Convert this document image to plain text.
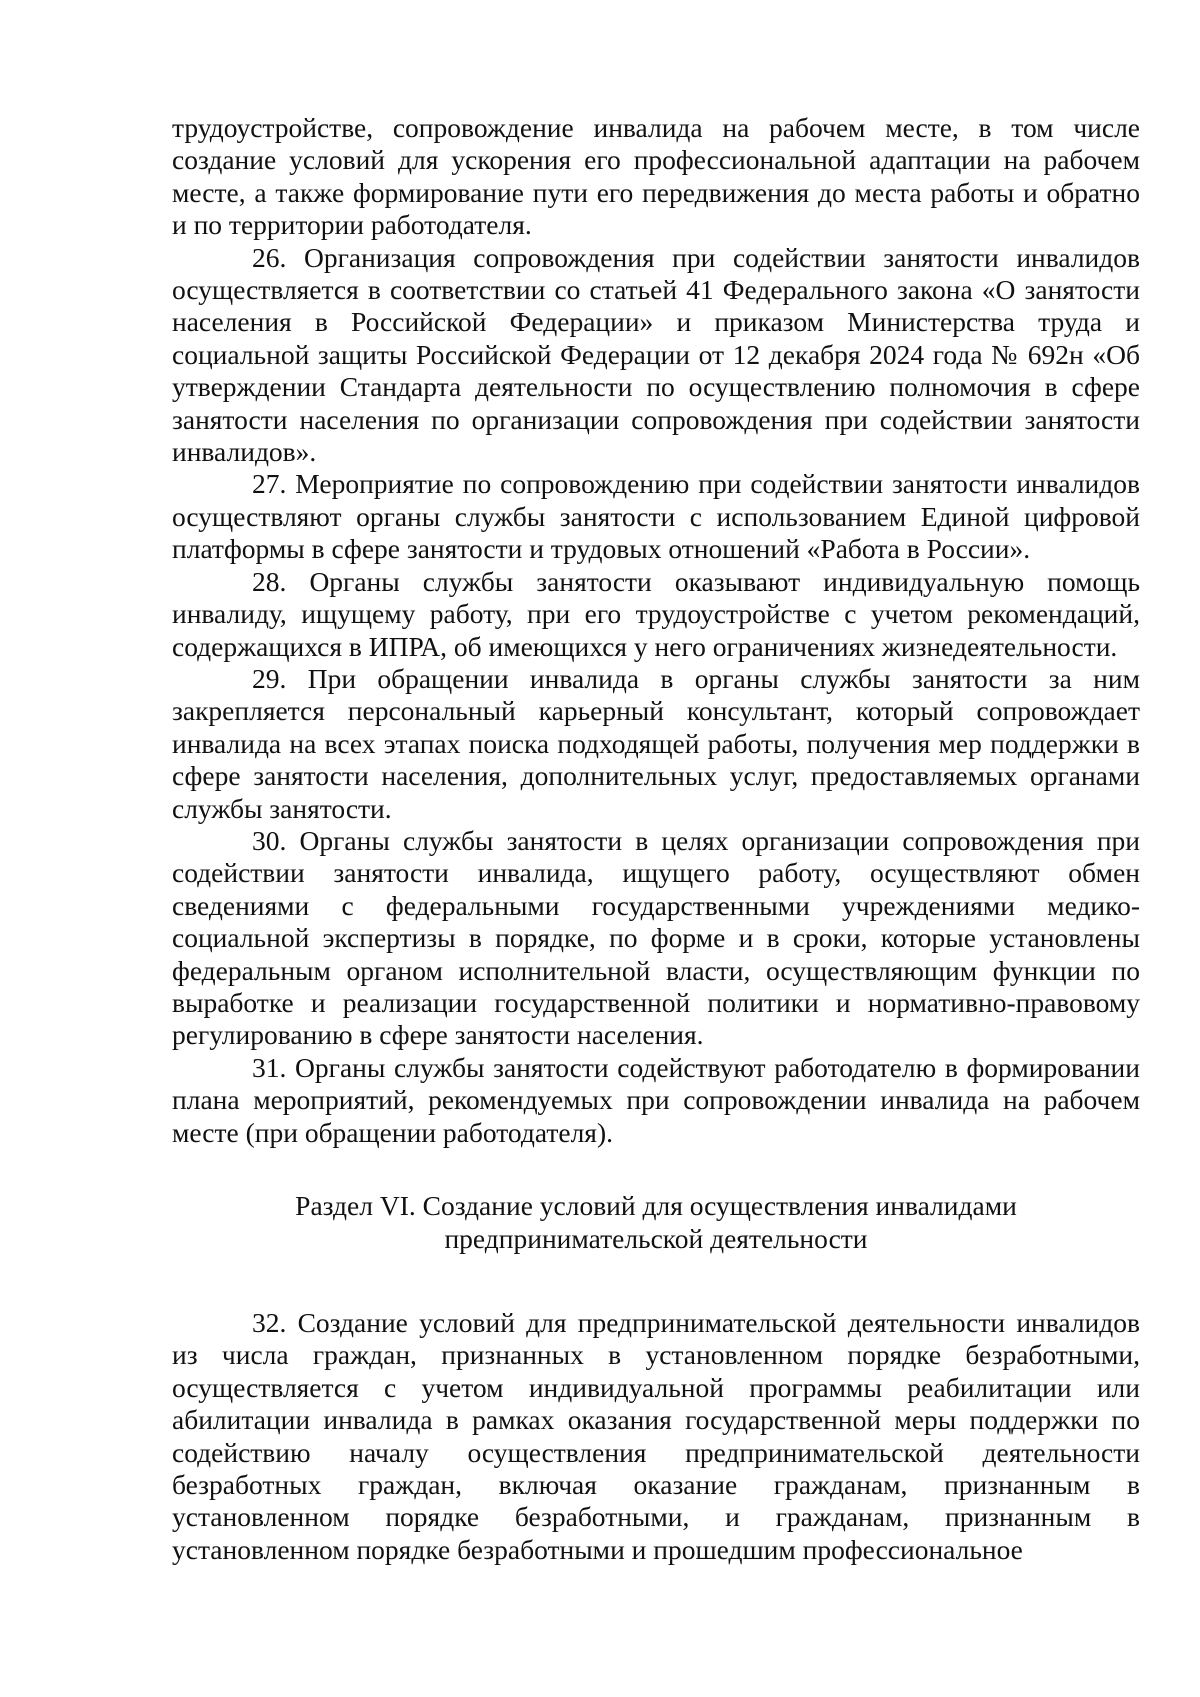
трудоустройстве, сопровождение инвалида на рабочем месте, в том числе создание условий для ускорения его профессиональной адаптации на рабочем месте, а также формирование пути его передвижения до места работы и обратно и по территории работодателя.

26. Организация сопровождения при содействии занятости инвалидов осуществляется в соответствии со статьей 41 Федерального закона «О занятости населения в Российской Федерации» и приказом Министерства труда и социальной защиты Российской Федерации от 12 декабря 2024 года № 692н «Об утверждении Стандарта деятельности по осуществлению полномочия в сфере занятости населения по организации сопровождения при содействии занятости инвалидов».

27. Мероприятие по сопровождению при содействии занятости инвалидов осуществляют органы службы занятости с использованием Единой цифровой платформы в сфере занятости и трудовых отношений «Работа в России».

28. Органы службы занятости оказывают индивидуальную помощь инвалиду, ищущему работу, при его трудоустройстве с учетом рекомендаций, содержащихся в ИПРА, об имеющихся у него ограничениях жизнедеятельности.

29. При обращении инвалида в органы службы занятости за ним закрепляется персональный карьерный консультант, который сопровождает инвалида на всех этапах поиска подходящей работы, получения мер поддержки в сфере занятости населения, дополнительных услуг, предоставляемых органами службы занятости.

30. Органы службы занятости в целях организации сопровождения при содействии занятости инвалида, ищущего работу, осуществляют обмен сведениями с федеральными государственными учреждениями медико-социальной экспертизы в порядке, по форме и в сроки, которые установлены федеральным органом исполнительной власти, осуществляющим функции по выработке и реализации государственной политики и нормативно-правовому регулированию в сфере занятости населения.

31. Органы службы занятости содействуют работодателю в формировании плана мероприятий, рекомендуемых при сопровождении инвалида на рабочем месте (при обращении работодателя).

Раздел VI. Создание условий для осуществления инвалидами
предпринимательской деятельности

32. Создание условий для предпринимательской деятельности инвалидов из числа граждан, признанных в установленном порядке безработными, осуществляется с учетом индивидуальной программы реабилитации или абилитации инвалида в рамках оказания государственной меры поддержки по содействию началу осуществления предпринимательской деятельности безработных граждан, включая оказание гражданам, признанным в установленном порядке безработными, и гражданам, признанным в установленном порядке безработными и прошедшим профессиональное
